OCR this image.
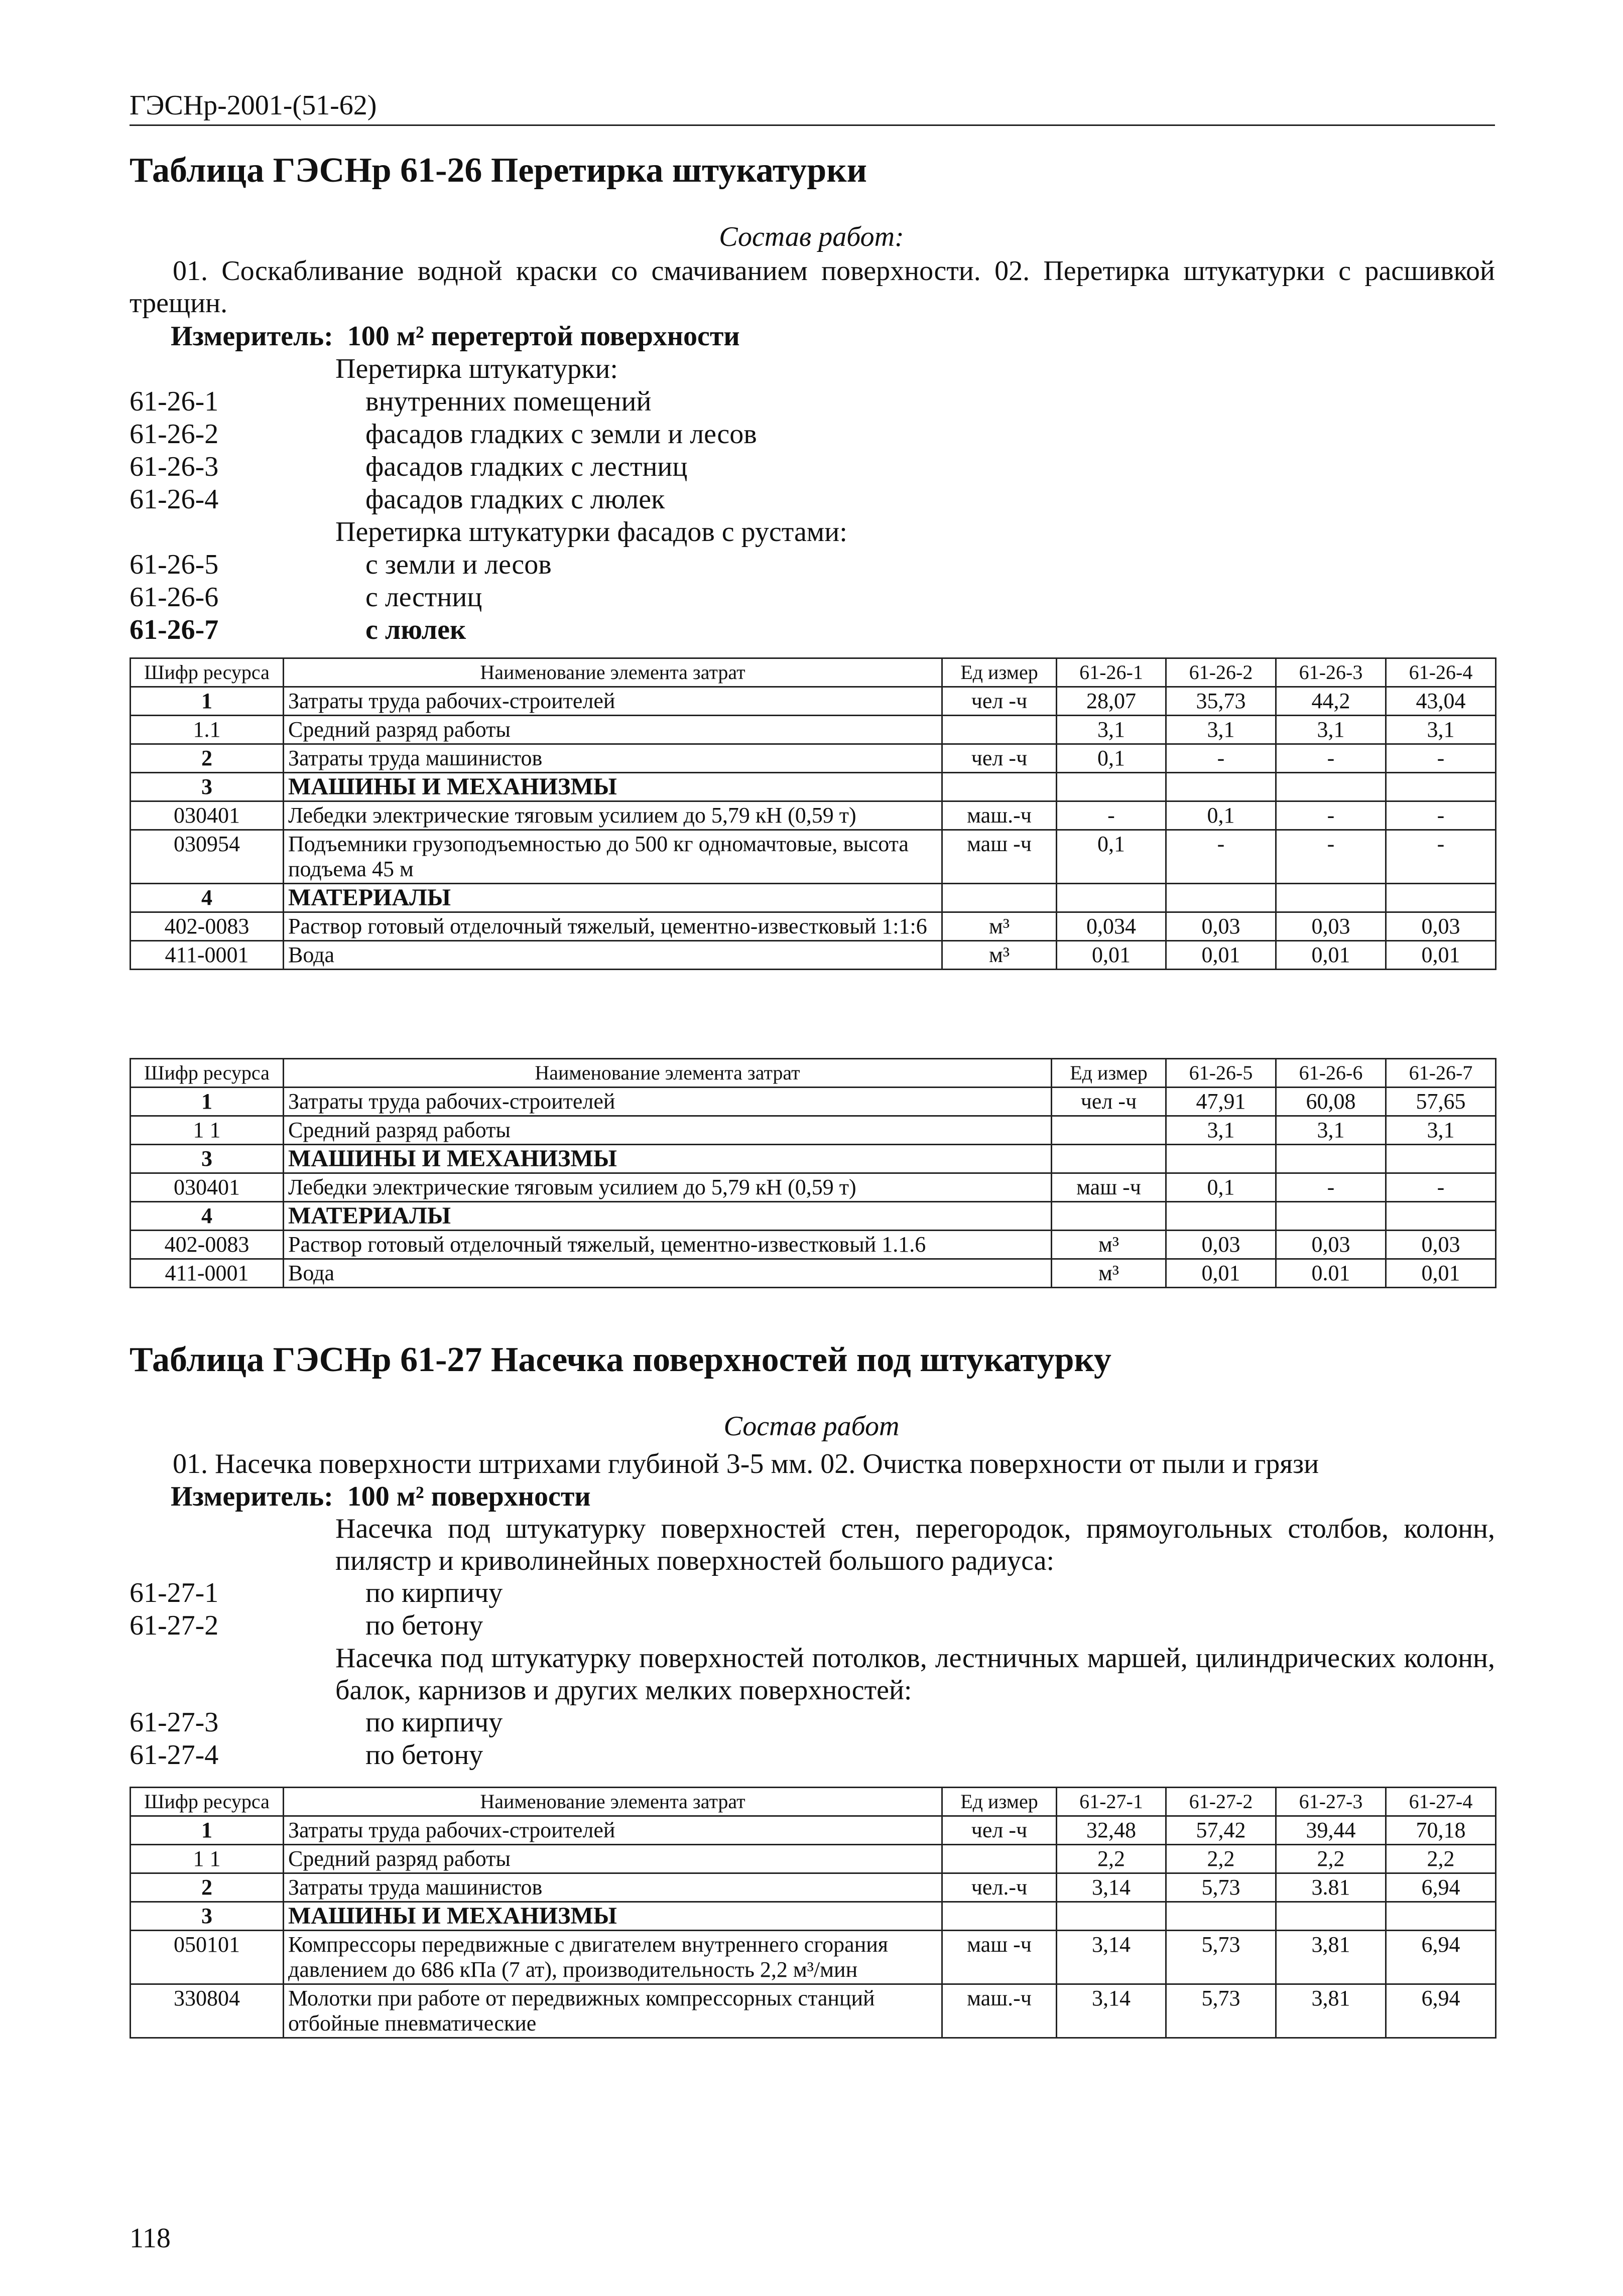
ГЭСНр-2001-(51-62)
Таблица ГЭСНр 61-26 Перетирка штукатурки
Состав работ:
01. Соскабливание водной краски со смачиванием поверхности. 02. Перетирка штукатурки с расшивкой трещин.
Измеритель: 100 м² перетертой поверхности
Перетирка штукатурки:
61-26-1	внутренних помещений
61-26-2	фасадов гладких с земли и лесов
61-26-3	фасадов гладких с лестниц
61-26-4	фасадов гладких с люлек
Перетирка штукатурки фасадов с рустами:
61-26-5	с земли и лесов
61-26-6	с лестниц
61-26-7	с люлек
Шифр ресурса	Наименование элемента затрат	Ед измер	61-26-1	61-26-2	61-26-3	61-26-4
1	Затраты труда рабочих-строителей	чел -ч	28,07	35,73	44,2	43,04
1.1	Средний разряд работы		3,1	3,1	3,1	3,1
2	Затраты труда машинистов	чел -ч	0,1	-	-	-
3	МАШИНЫ И МЕХАНИЗМЫ					
030401	Лебедки электрические тяговым усилием до 5,79 кН (0,59 т)	маш.-ч	-	0,1	-	-
030954	Подъемники грузоподъемностью до 500 кг одномачтовые, высота подъема 45 м	маш -ч	0,1	-	-	-
4	МАТЕРИАЛЫ					
402-0083	Раствор готовый отделочный тяжелый, цементно-известковый 1:1:6	м³	0,034	0,03	0,03	0,03
411-0001	Вода	м³	0,01	0,01	0,01	0,01
Шифр ресурса	Наименование элемента затрат	Ед измер	61-26-5	61-26-6	61-26-7
1	Затраты труда рабочих-строителей	чел -ч	47,91	60,08	57,65
1 1	Средний разряд работы		3,1	3,1	3,1
3	МАШИНЫ И МЕХАНИЗМЫ				
030401	Лебедки электрические тяговым усилием до 5,79 кН (0,59 т)	маш -ч	0,1	-	-
4	МАТЕРИАЛЫ				
402-0083	Раствор готовый отделочный тяжелый, цементно-известковый 1.1.6	м³	0,03	0,03	0,03
411-0001	Вода	м³	0,01	0.01	0,01
Таблица ГЭСНр 61-27 Насечка поверхностей под штукатурку
Состав работ
01. Насечка поверхности штрихами глубиной 3-5 мм. 02. Очистка поверхности от пыли и грязи
Измеритель: 100 м² поверхности
Насечка под штукатурку поверхностей стен, перегородок, прямоугольных столбов, колонн, пилястр и криволинейных поверхностей большого радиуса:
61-27-1	по кирпичу
61-27-2	по бетону
Насечка под штукатурку поверхностей потолков, лестничных маршей, цилиндрических колонн, балок, карнизов и других мелких поверхностей:
61-27-3	по кирпичу
61-27-4	по бетону
Шифр ресурса	Наименование элемента затрат	Ед измер	61-27-1	61-27-2	61-27-3	61-27-4
1	Затраты труда рабочих-строителей	чел -ч	32,48	57,42	39,44	70,18
1 1	Средний разряд работы		2,2	2,2	2,2	2,2
2	Затраты труда машинистов	чел.-ч	3,14	5,73	3.81	6,94
3	МАШИНЫ И МЕХАНИЗМЫ					
050101	Компрессоры передвижные с двигателем внутреннего сгорания давлением до 686 кПа (7 ат), производительность 2,2 м³/мин	маш -ч	3,14	5,73	3,81	6,94
330804	Молотки при работе от передвижных компрессорных станций отбойные пневматические	маш.-ч	3,14	5,73	3,81	6,94
118
